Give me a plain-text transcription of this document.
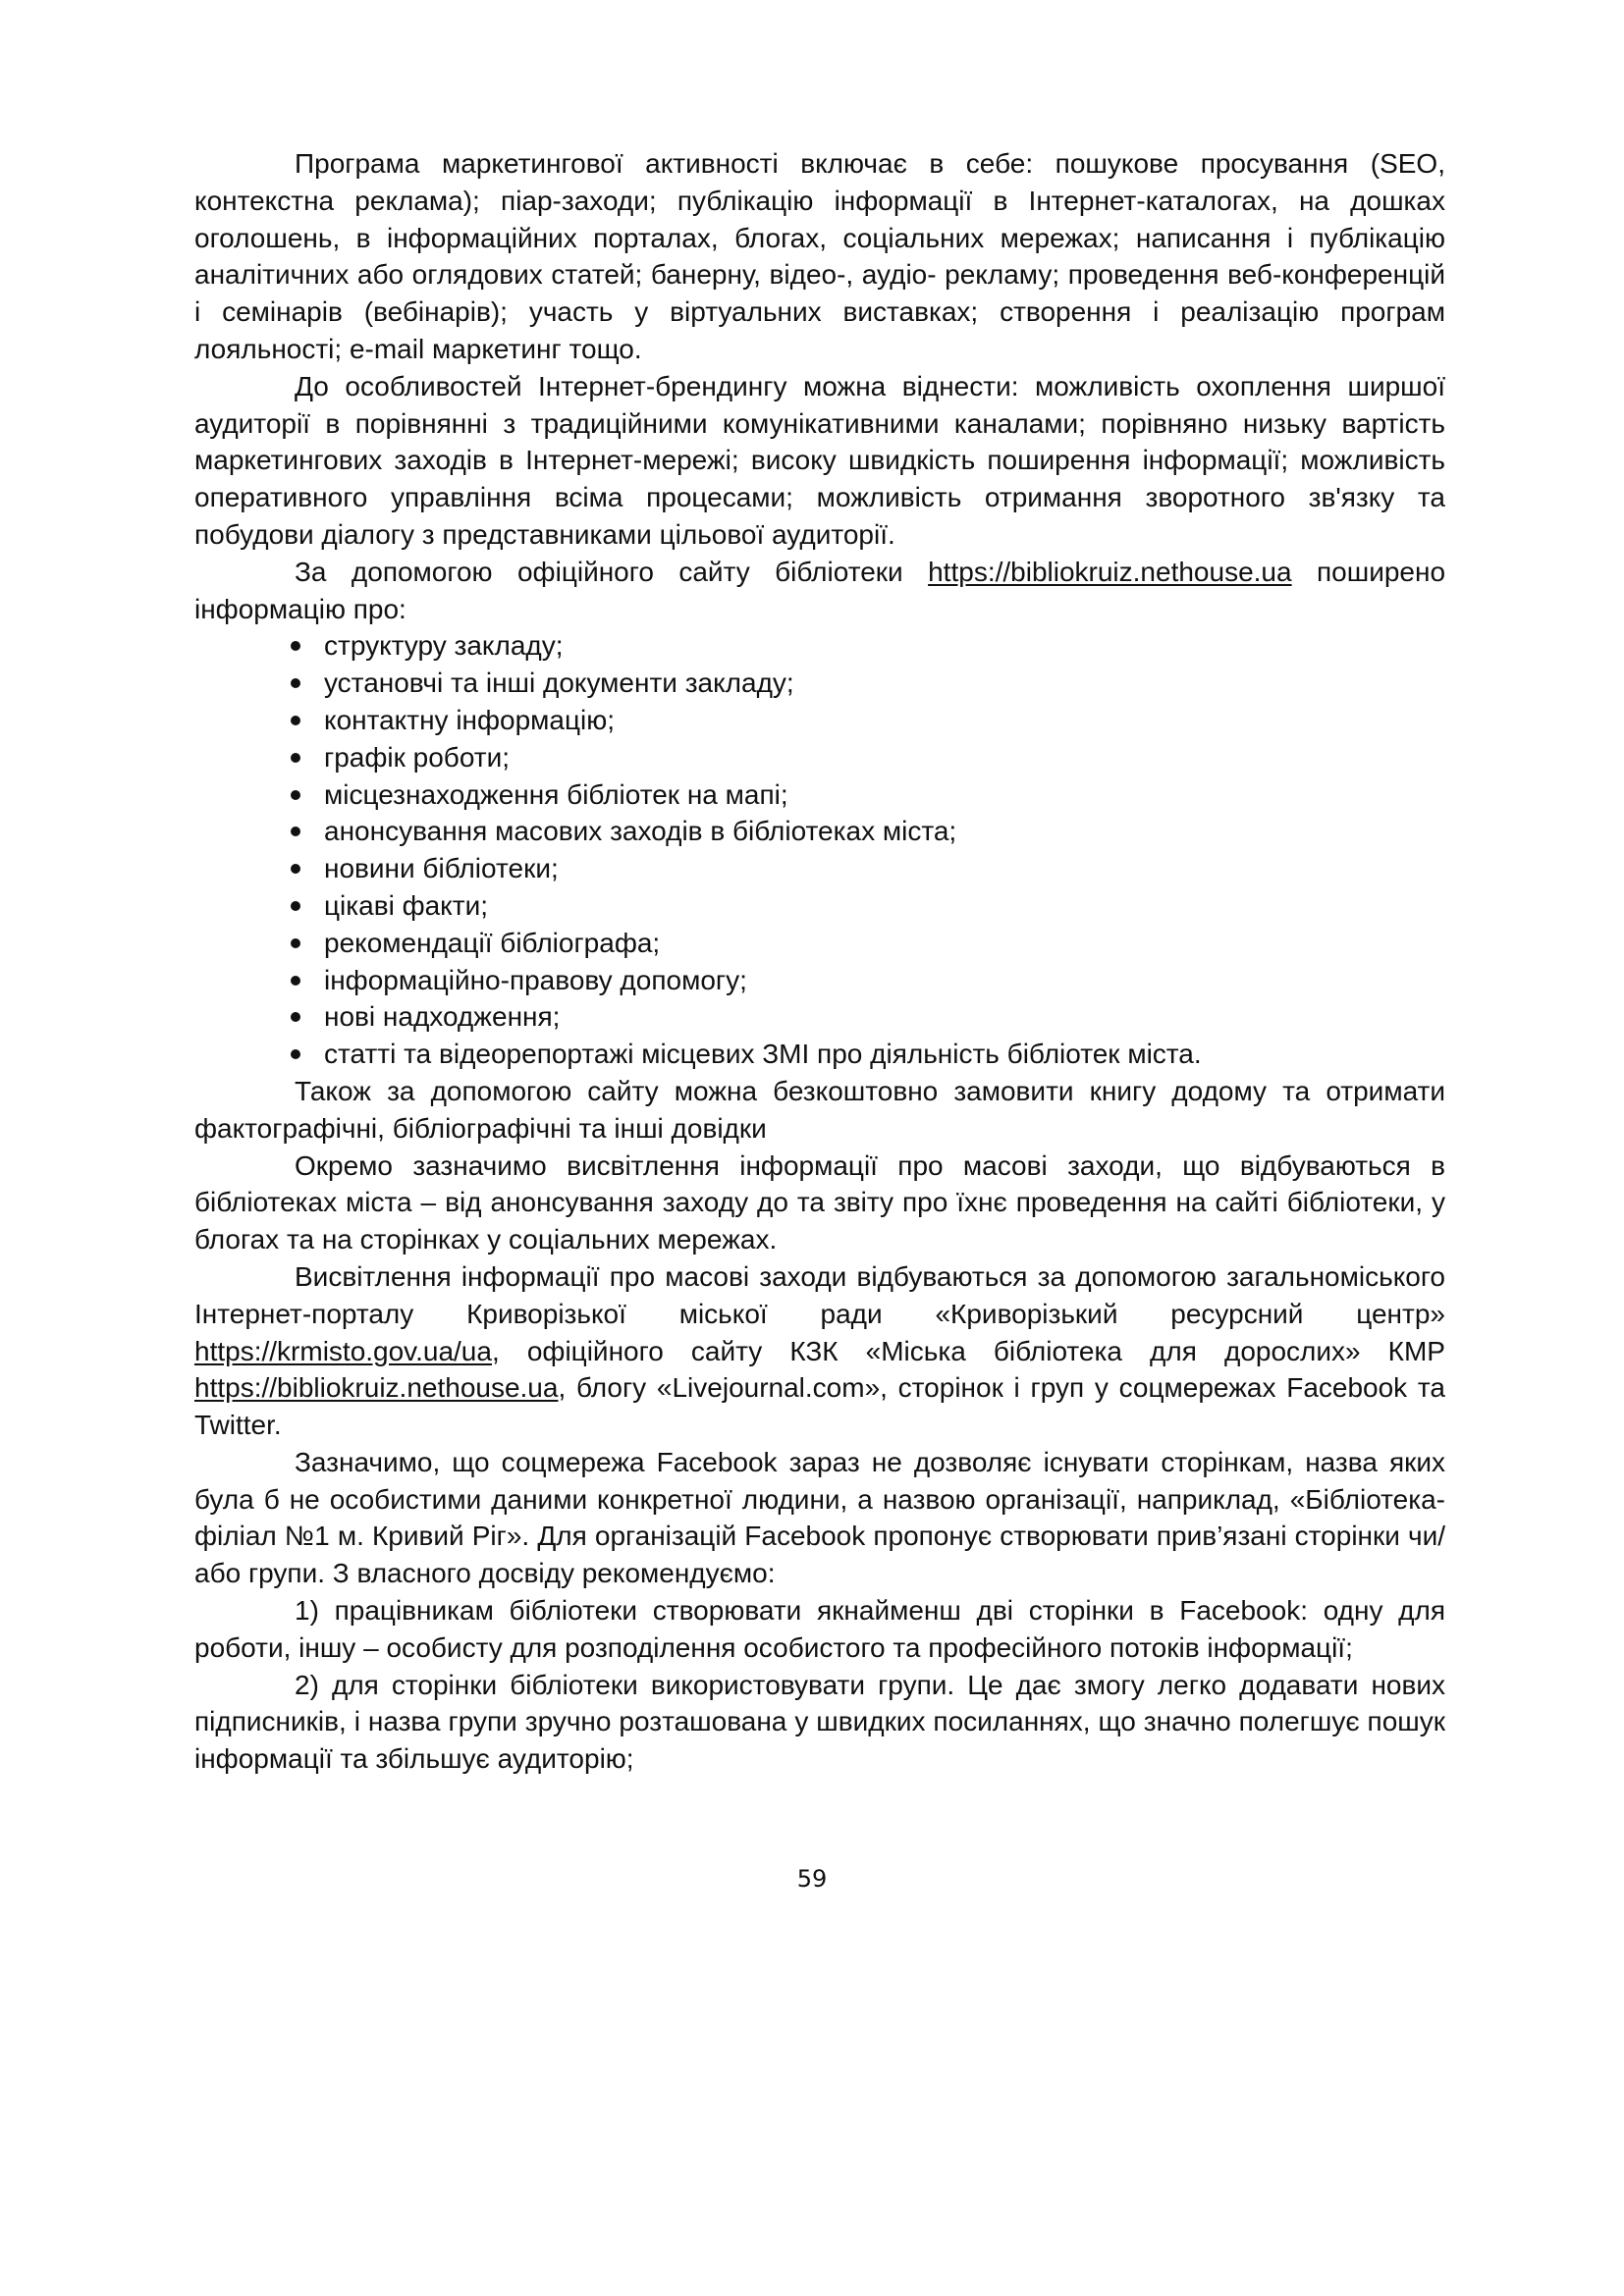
Програма маркетингової активності включає в себе: пошукове просування (SEO, контекстна реклама); піар-заходи; публікацію інформації в Інтернет-каталогах, на дошках оголошень, в інформаційних порталах, блогах, соціальних мережах; написання і публікацію аналітичних або оглядових статей; банерну, відео-, аудіо- рекламу; проведення веб-конференцій і семінарів (вебінарів); участь у віртуальних виставках; створення і реалізацію програм лояльності; e-mail маркетинг тощо.

До особливостей Інтернет-брендингу можна віднести: можливість охоплення ширшої аудиторії в порівнянні з традиційними комунікативними каналами; порівняно низьку вартість маркетингових заходів в Інтернет-мережі; високу швидкість поширення інформації; можливість оперативного управління всіма процесами; можливість отримання зворотного зв'язку та побудови діалогу з представниками цільової аудиторії.

За допомогою офіційного сайту бібліотеки https://bibliokruiz.nethouse.ua поширено інформацію про:

структуру закладу;
установчі та інші документи закладу;
контактну інформацію;
графік роботи;
місцезнаходження бібліотек на мапі;
анонсування масових заходів в бібліотеках міста;
новини бібліотеки;
цікаві факти;
рекомендації бібліографа;
інформаційно-правову допомогу;
нові надходження;
статті та відеорепортажі місцевих ЗМІ про діяльність бібліотек міста.

Також за допомогою сайту можна безкоштовно замовити книгу додому та отримати фактографічні, бібліографічні та інші довідки

Окремо зазначимо висвітлення інформації про масові заходи, що відбуваються в бібліотеках міста – від анонсування заходу до та звіту про їхнє проведення на сайті бібліотеки, у блогах та на сторінках у соціальних мережах.

Висвітлення інформації про масові заходи відбуваються за допомогою загальноміського Інтернет-порталу Криворізької міської ради «Криворізький ресурсний центр» https://krmisto.gov.ua/ua, офіційного сайту КЗК «Міська бібліотека для дорослих» КМР https://bibliokruiz.nethouse.ua, блогу «Livejournal.com», сторінок і груп у соцмережах Facebook та Twitter.

Зазначимо, що соцмережа Facebook зараз не дозволяє існувати сторінкам, назва яких була б не особистими даними конкретної людини, а назвою організації, наприклад, «Бібліотека-філіал №1 м. Кривий Ріг». Для організацій Facebook пропонує створювати прив’язані сторінки чи/або групи. З власного досвіду рекомендуємо:

1) працівникам бібліотеки створювати якнайменш дві сторінки в Facebook: одну для роботи, іншу – особисту для розподілення особистого та професійного потоків інформації;

2) для сторінки бібліотеки використовувати групи. Це дає змогу легко додавати нових підписників, і назва групи зручно розташована у швидких посиланнях, що значно полегшує пошук інформації та збільшує аудиторію;

59
